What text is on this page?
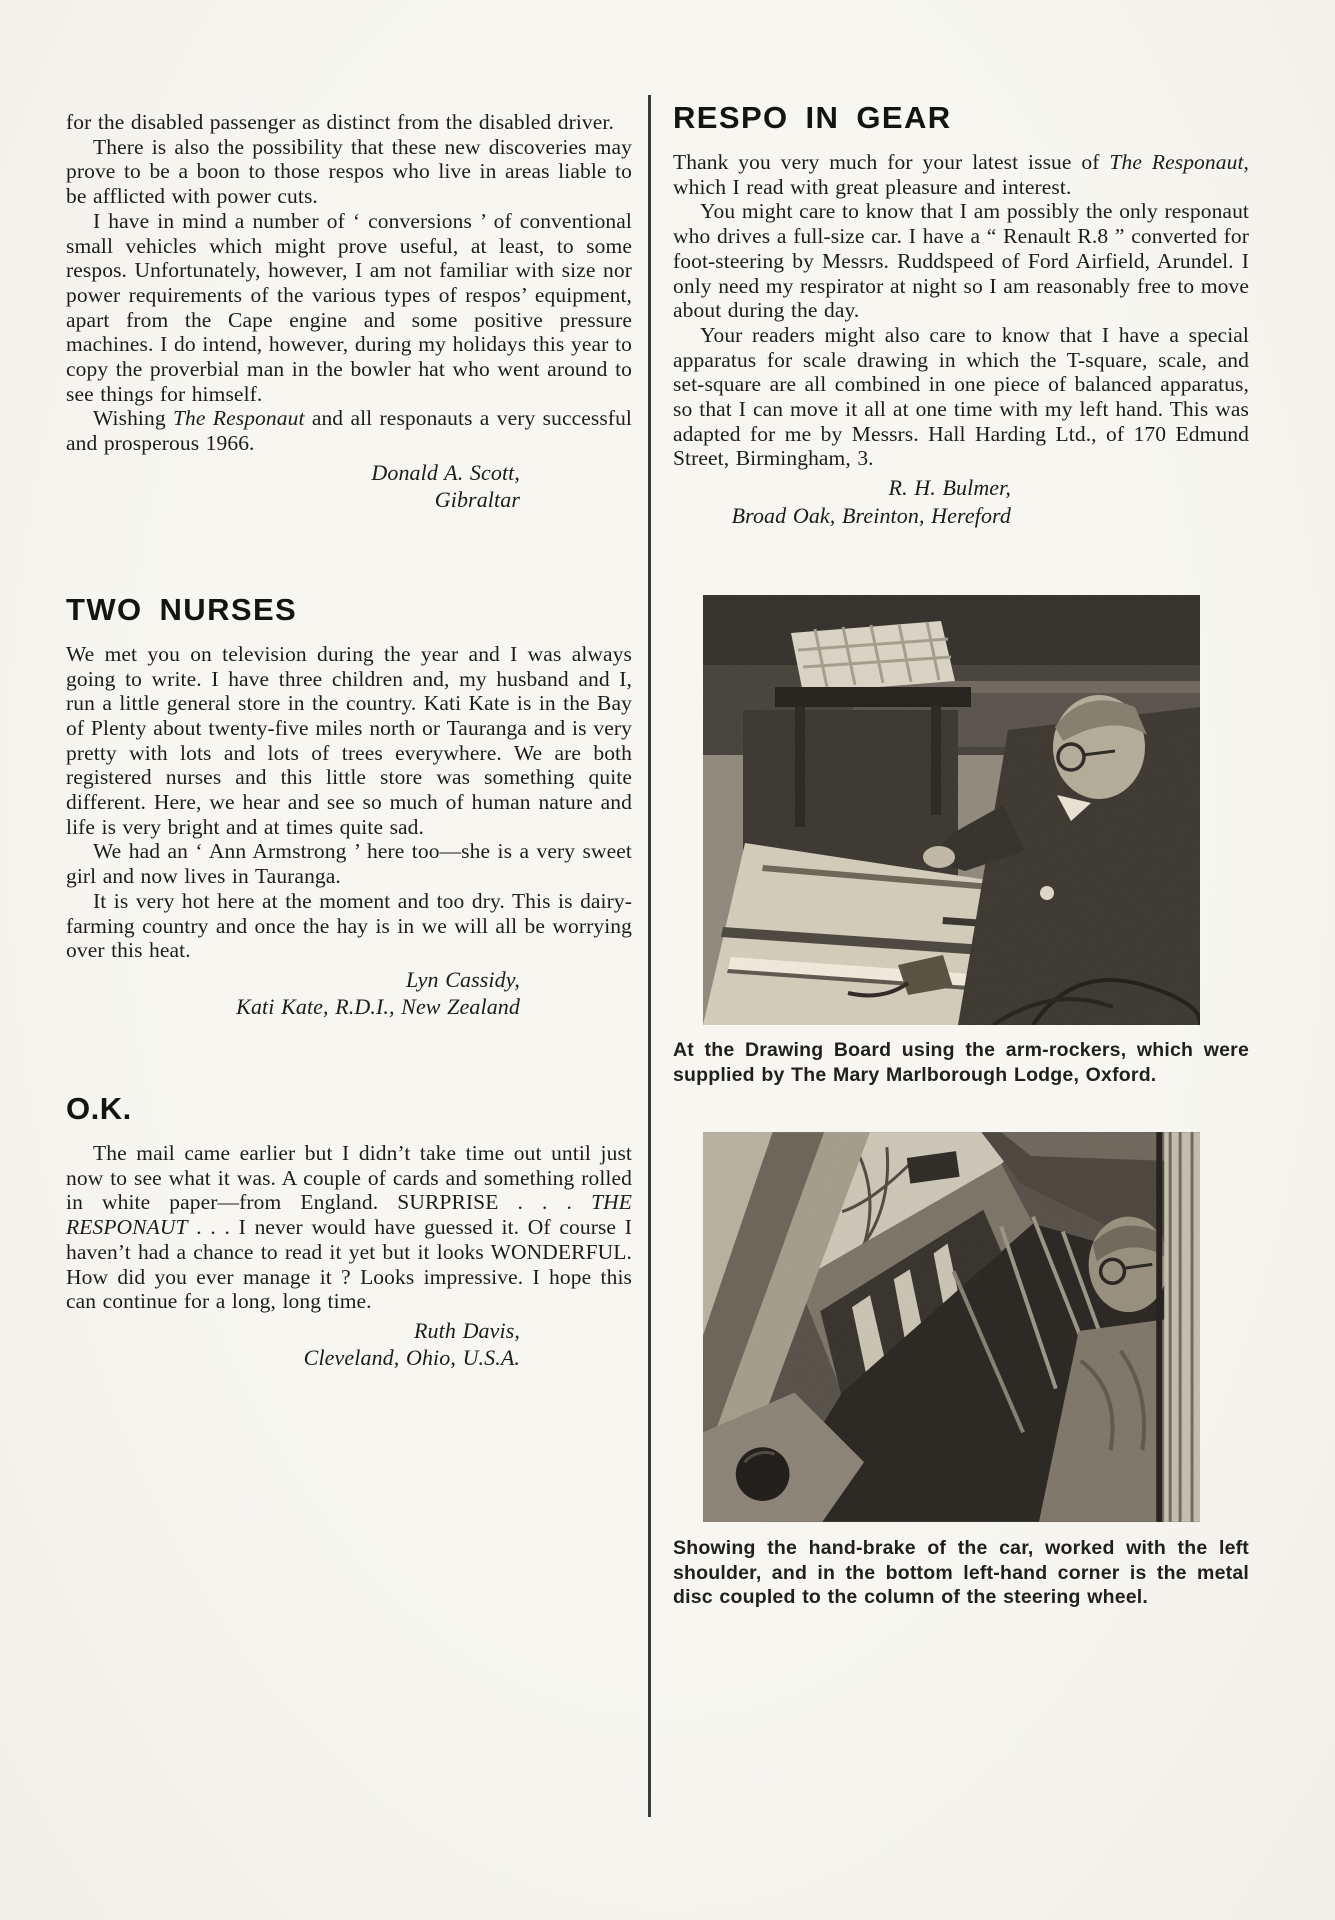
for the disabled passenger as distinct from the disabled driver.

There is also the possibility that these new discoveries may prove to be a boon to those respos who live in areas liable to be afflicted with power cuts.

I have in mind a number of ‘ conversions ’ of conventional small vehicles which might prove useful, at least, to some respos. Unfortunately, however, I am not familiar with size nor power requirements of the various types of respos’ equipment, apart from the Cape engine and some positive pressure machines. I do intend, however, during my holidays this year to copy the proverbial man in the bowler hat who went around to see things for himself.

Wishing The Responaut and all responauts a very successful and prosperous 1966.

Donald A. Scott,
Gibraltar
TWO NURSES

We met you on television during the year and I was always going to write. I have three children and, my husband and I, run a little general store in the country. Kati Kate is in the Bay of Plenty about twenty-five miles north or Tauranga and is very pretty with lots and lots of trees everywhere. We are both registered nurses and this little store was something quite different. Here, we hear and see so much of human nature and life is very bright and at times quite sad.

We had an ‘ Ann Armstrong ’ here too—she is a very sweet girl and now lives in Tauranga.

It is very hot here at the moment and too dry. This is dairy-farming country and once the hay is in we will all be worrying over this heat.

Lyn Cassidy,
Kati Kate, R.D.I., New Zealand
O.K.

The mail came earlier but I didn’t take time out until just now to see what it was. A couple of cards and something rolled in white paper—from England. SURPRISE . . . THE RESPONAUT . . . I never would have guessed it. Of course I haven’t had a chance to read it yet but it looks WONDERFUL. How did you ever manage it ? Looks impressive. I hope this can continue for a long, long time.

Ruth Davis,
Cleveland, Ohio, U.S.A.
RESPO IN GEAR

Thank you very much for your latest issue of The Responaut, which I read with great pleasure and interest.

You might care to know that I am possibly the only responaut who drives a full-size car. I have a “ Renault R.8 ” converted for foot-steering by Messrs. Ruddspeed of Ford Airfield, Arundel. I only need my respirator at night so I am reasonably free to move about during the day.

Your readers might also care to know that I have a special apparatus for scale drawing in which the T-square, scale, and set-square are all combined in one piece of balanced apparatus, so that I can move it all at one time with my left hand. This was adapted for me by Messrs. Hall Harding Ltd., of 170 Edmund Street, Birmingham, 3.

R. H. Bulmer,
Broad Oak, Breinton, Hereford
At the Drawing Board using the arm-rockers, which were supplied by The Mary Marlborough Lodge, Oxford.
Showing the hand-brake of the car, worked with the left shoulder, and in the bottom left-hand corner is the metal disc coupled to the column of the steering wheel.
